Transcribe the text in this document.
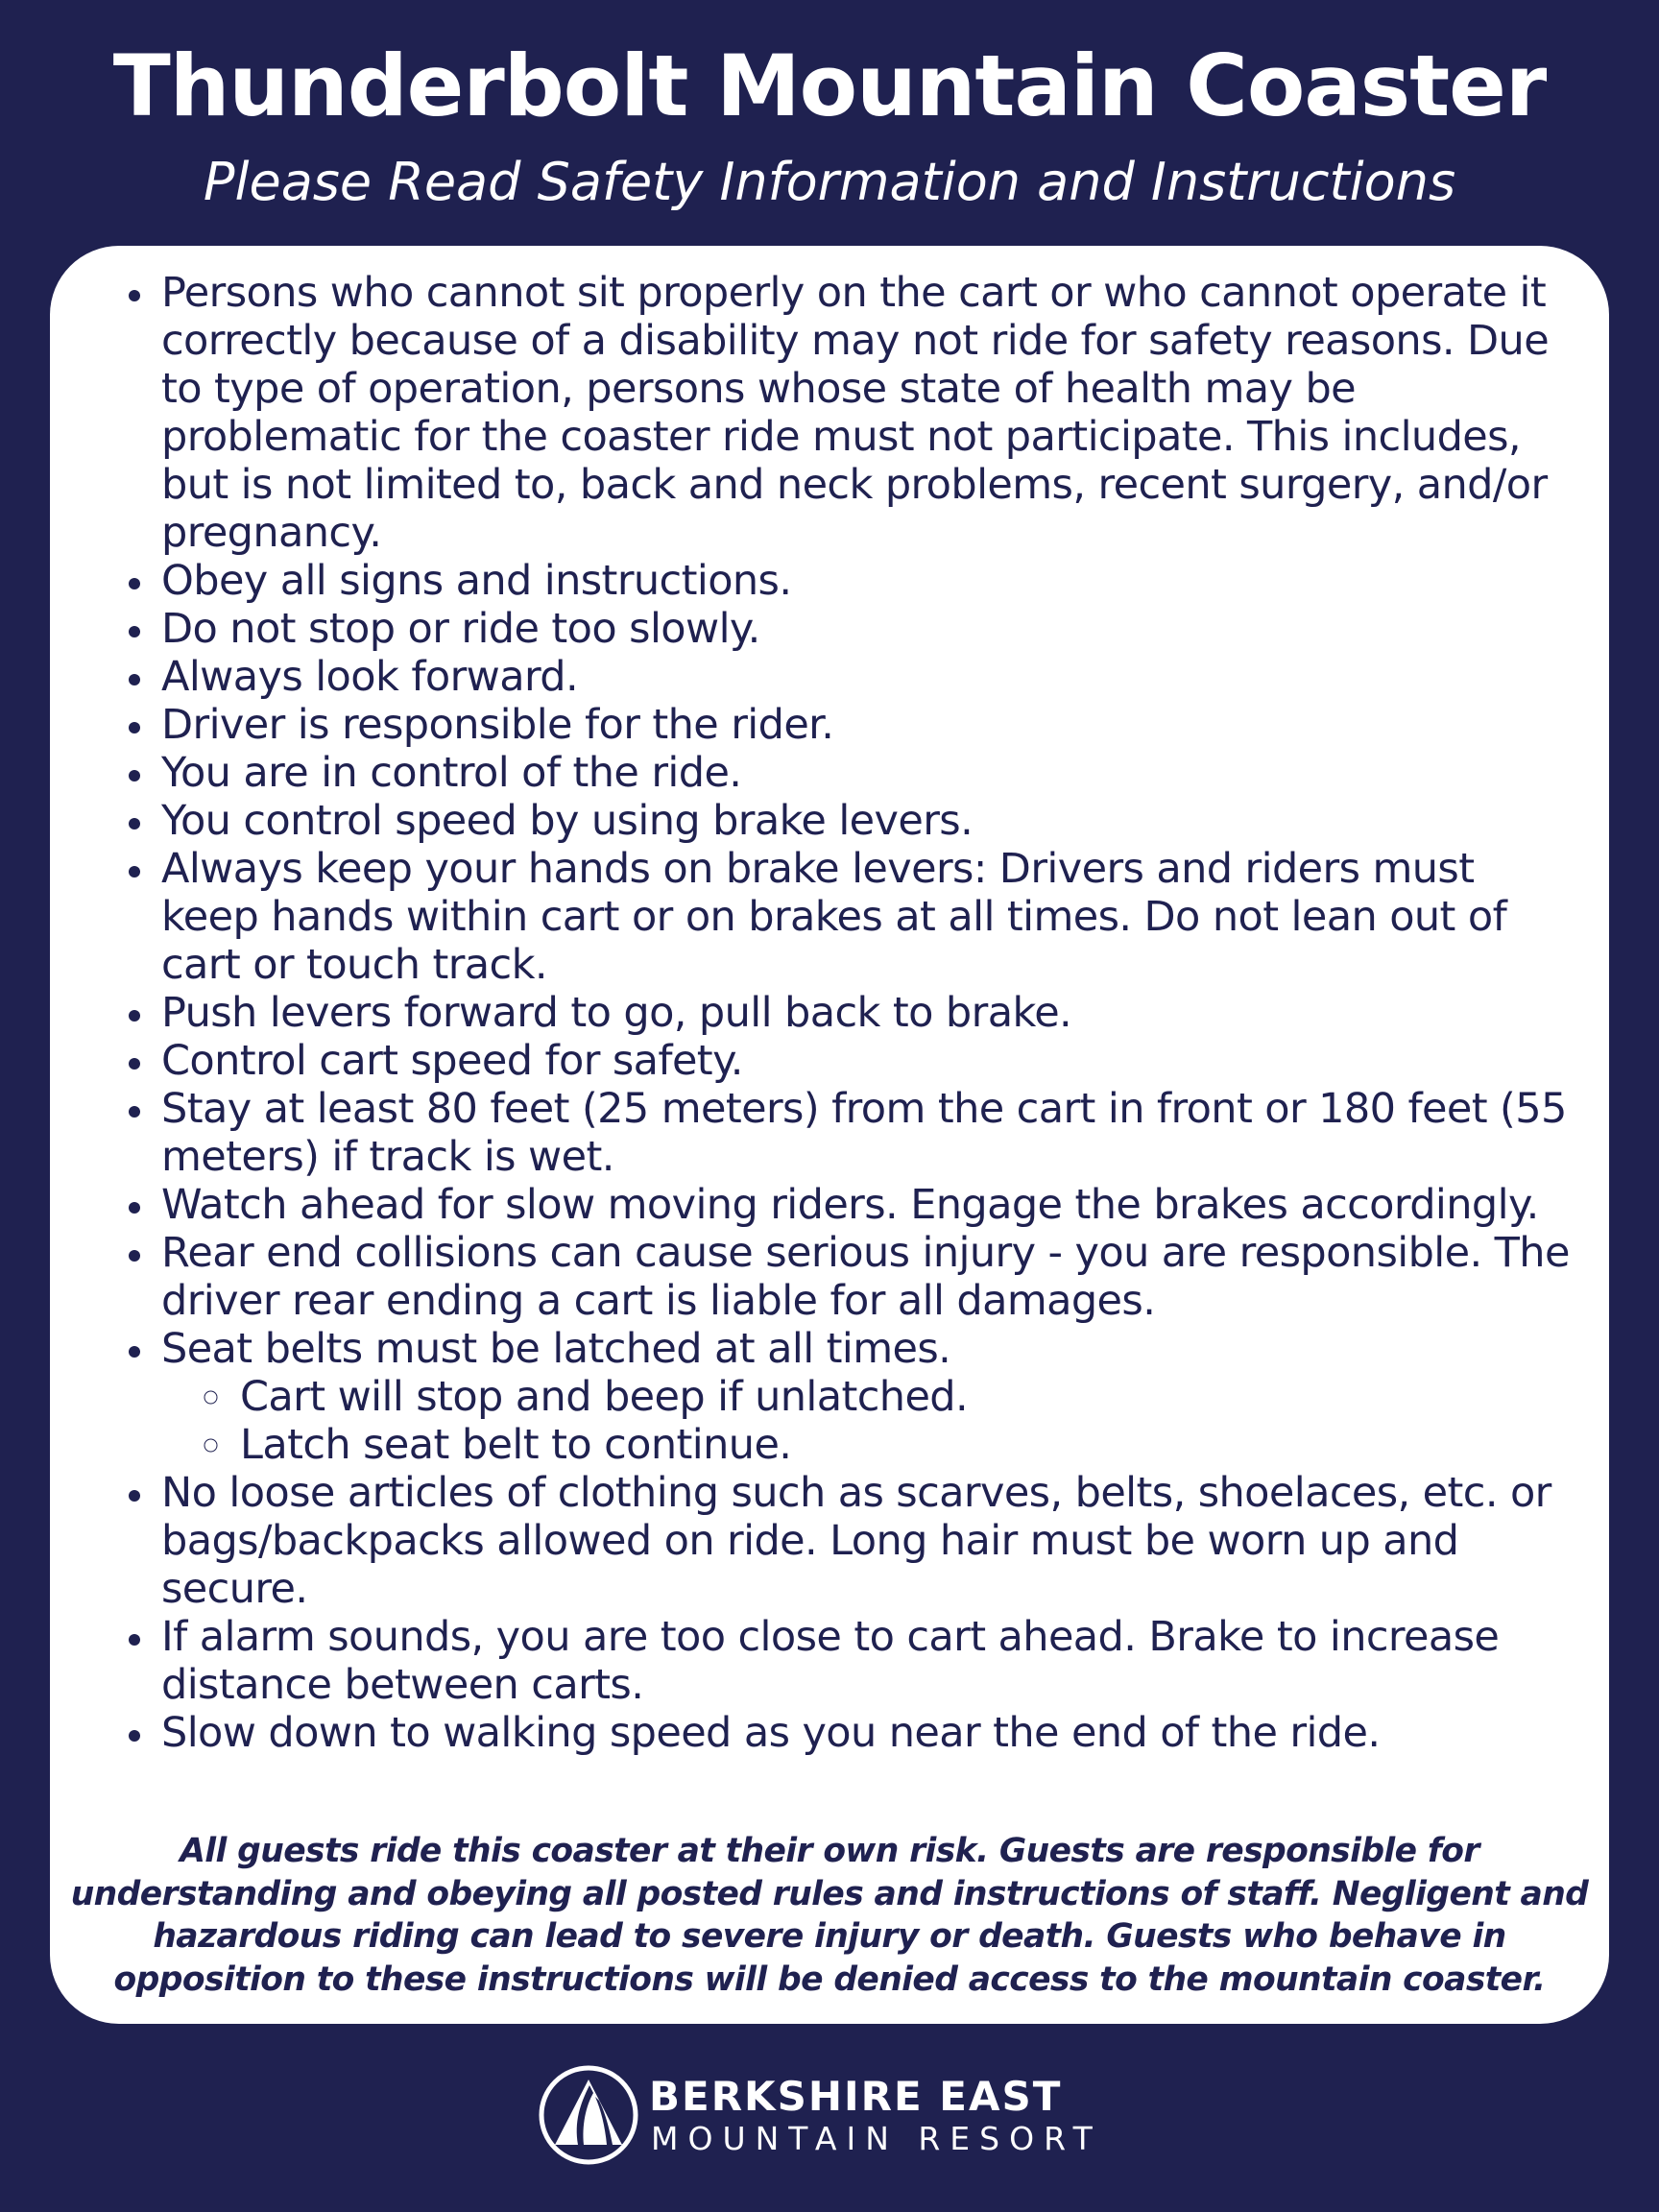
Thunderbolt Mountain Coaster

Please Read Safety Information and Instructions

• Persons who cannot sit properly on the cart or who cannot operate it correctly because of a disability may not ride for safety reasons. Due to type of operation, persons whose state of health may be problematic for the coaster ride must not participate. This includes, but is not limited to, back and neck problems, recent surgery, and/or pregnancy.
• Obey all signs and instructions.
• Do not stop or ride too slowly.
• Always look forward.
• Driver is responsible for the rider.
• You are in control of the ride.
• You control speed by using brake levers.
• Always keep your hands on brake levers: Drivers and riders must keep hands within cart or on brakes at all times. Do not lean out of cart or touch track.
• Push levers forward to go, pull back to brake.
• Control cart speed for safety.
• Stay at least 80 feet (25 meters) from the cart in front or 180 feet (55 meters) if track is wet.
• Watch ahead for slow moving riders. Engage the brakes accordingly.
• Rear end collisions can cause serious injury - you are responsible. The driver rear ending a cart is liable for all damages.
• Seat belts must be latched at all times.
◦ Cart will stop and beep if unlatched.
◦ Latch seat belt to continue.
• No loose articles of clothing such as scarves, belts, shoelaces, etc. or bags/backpacks allowed on ride. Long hair must be worn up and secure.
• If alarm sounds, you are too close to cart ahead. Brake to increase distance between carts.
• Slow down to walking speed as you near the end of the ride.

All guests ride this coaster at their own risk. Guests are responsible for understanding and obeying all posted rules and instructions of staff. Negligent and hazardous riding can lead to severe injury or death. Guests who behave in opposition to these instructions will be denied access to the mountain coaster.

BERKSHIRE EAST
MOUNTAIN RESORT
